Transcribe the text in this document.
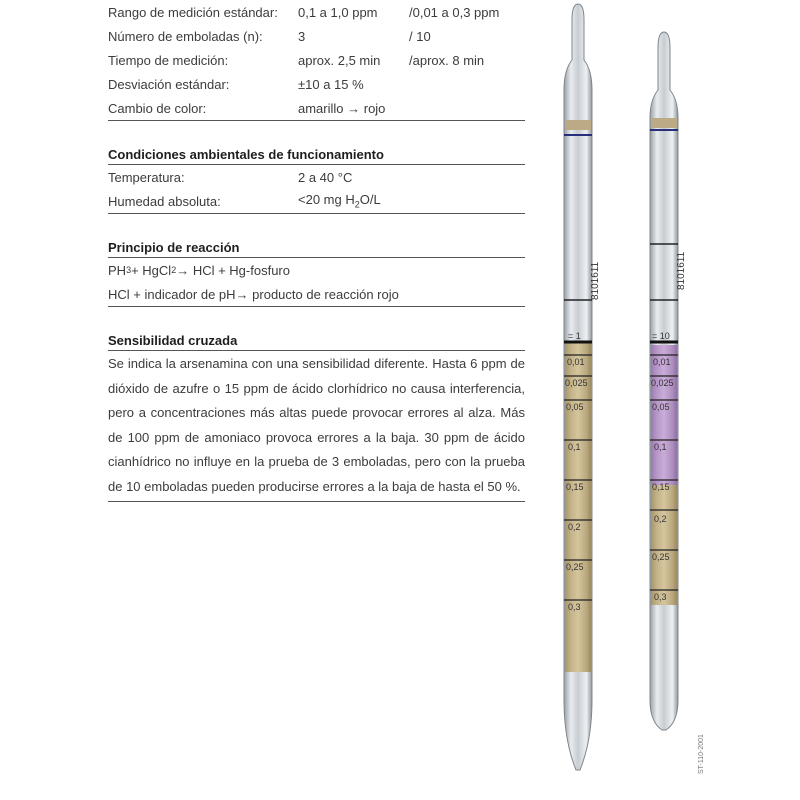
Rango de medición estándar:	0,1 a 1,0 ppm	/0,01 a 0,3 ppm
Número de emboladas (n):	3	/ 10
Tiempo de medición:	aprox. 2,5 min	/aprox. 8 min
Desviación estándar:	±10 a 15 %
Cambio de color:	amarillo → rojo
Condiciones ambientales de funcionamiento
Temperatura:	2 a 40 °C
Humedad absoluta:	<20 mg $H_2O/L$
Principio de reacción
PH 3 + HgCl 2 → HCl + Hg-fosfuro
HCl + indicador de pH→ producto de reacción rojo
Sensibilidad cruzada
Se indica la arsenamina con una sensibilidad diferente. Hasta 6 ppm de dióxido de azufre o 15 ppm de ácido clorhídrico no causa interferencia, pero a concentraciones más altas puede provocar errores al alza. Más de 100 ppm de amoniaco provoca errores a la baja. 30 ppm de ácido cianhídrico no influye en la prueba de 3 emboladas, pero con la prueba de 10 emboladas pueden producirse errores a la baja de hasta el 50 %.
8101611
= 1
0,01
0,025
0,05
0,1
0,15
0,2
0,25
0,3
8101611
= 10
0,01
0,025
0,05
0,1
0,15
0,2
0,25
0,3
ST-110-2001
